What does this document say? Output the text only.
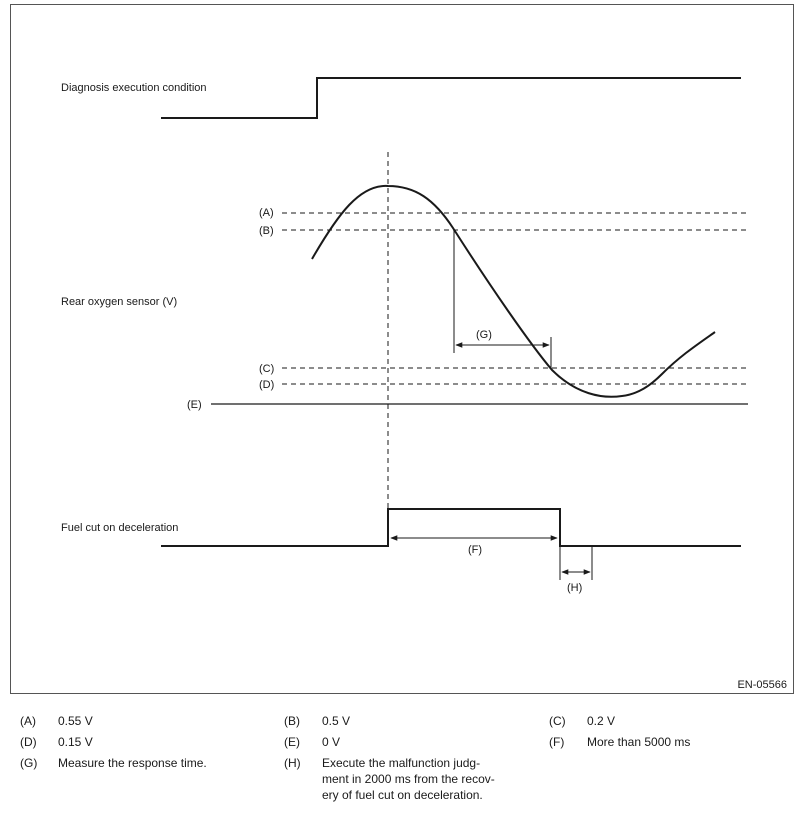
Diagnosis execution condition
Rear oxygen sensor (V)
(A)
(B)
(C)
(D)
(E)
(G)
Fuel cut on deceleration
(F)
(H)
EN-05566
(A) 0.55 V	(B) 0.5 V	(C) 0.2 V
(D) 0.15 V	(E) 0 V	(F) More than 5000 ms
(G) Measure the response time.	(H) Execute the malfunction judg-
ment in 2000 ms from the recov-
ery of fuel cut on deceleration.
